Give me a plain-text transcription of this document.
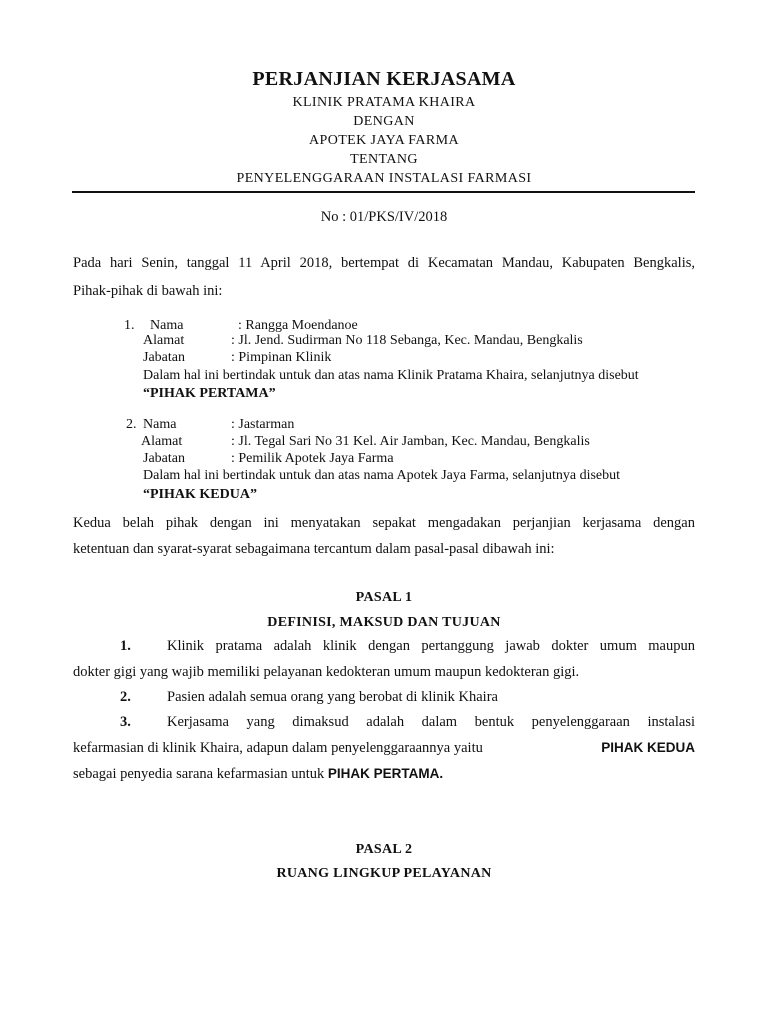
PERJANJIAN KERJASAMA
KLINIK PRATAMA KHAIRA
DENGAN
APOTEK JAYA FARMA
TENTANG
PENYELENGGARAAN INSTALASI FARMASI
No : 01/PKS/IV/2018
Pada hari Senin, tanggal 11 April 2018, bertempat di Kecamatan Mandau, Kabupaten Bengkalis,
Pihak-pihak di bawah ini:
1. Nama	: Rangga Moendanoe
Alamat	: Jl. Jend. Sudirman No 118 Sebanga, Kec. Mandau, Bengkalis
Jabatan	: Pimpinan Klinik
Dalam hal ini bertindak untuk dan atas nama Klinik Pratama Khaira, selanjutnya disebut
“PIHAK PERTAMA”
2. Nama	: Jastarman
Alamat	: Jl. Tegal Sari No 31 Kel. Air Jamban, Kec. Mandau, Bengkalis
Jabatan	: Pemilik Apotek Jaya Farma
Dalam hal ini bertindak untuk dan atas nama Apotek Jaya Farma, selanjutnya disebut
“PIHAK KEDUA”
Kedua belah pihak dengan ini menyatakan sepakat mengadakan perjanjian kerjasama dengan
ketentuan dan syarat-syarat sebagaimana tercantum dalam pasal-pasal dibawah ini:
PASAL 1
DEFINISI, MAKSUD DAN TUJUAN
1. Klinik pratama adalah klinik dengan pertanggung jawab dokter umum maupun
dokter gigi yang wajib memiliki pelayanan kedokteran umum maupun kedokteran gigi.
2. Pasien adalah semua orang yang berobat di klinik Khaira
3. Kerjasama yang dimaksud adalah dalam bentuk penyelenggaraan instalasi
kefarmasian di klinik Khaira, adapun dalam penyelenggaraannya yaitu	PIHAK KEDUA
sebagai penyedia sarana kefarmasian untuk PIHAK PERTAMA.
PASAL 2
RUANG LINGKUP PELAYANAN
